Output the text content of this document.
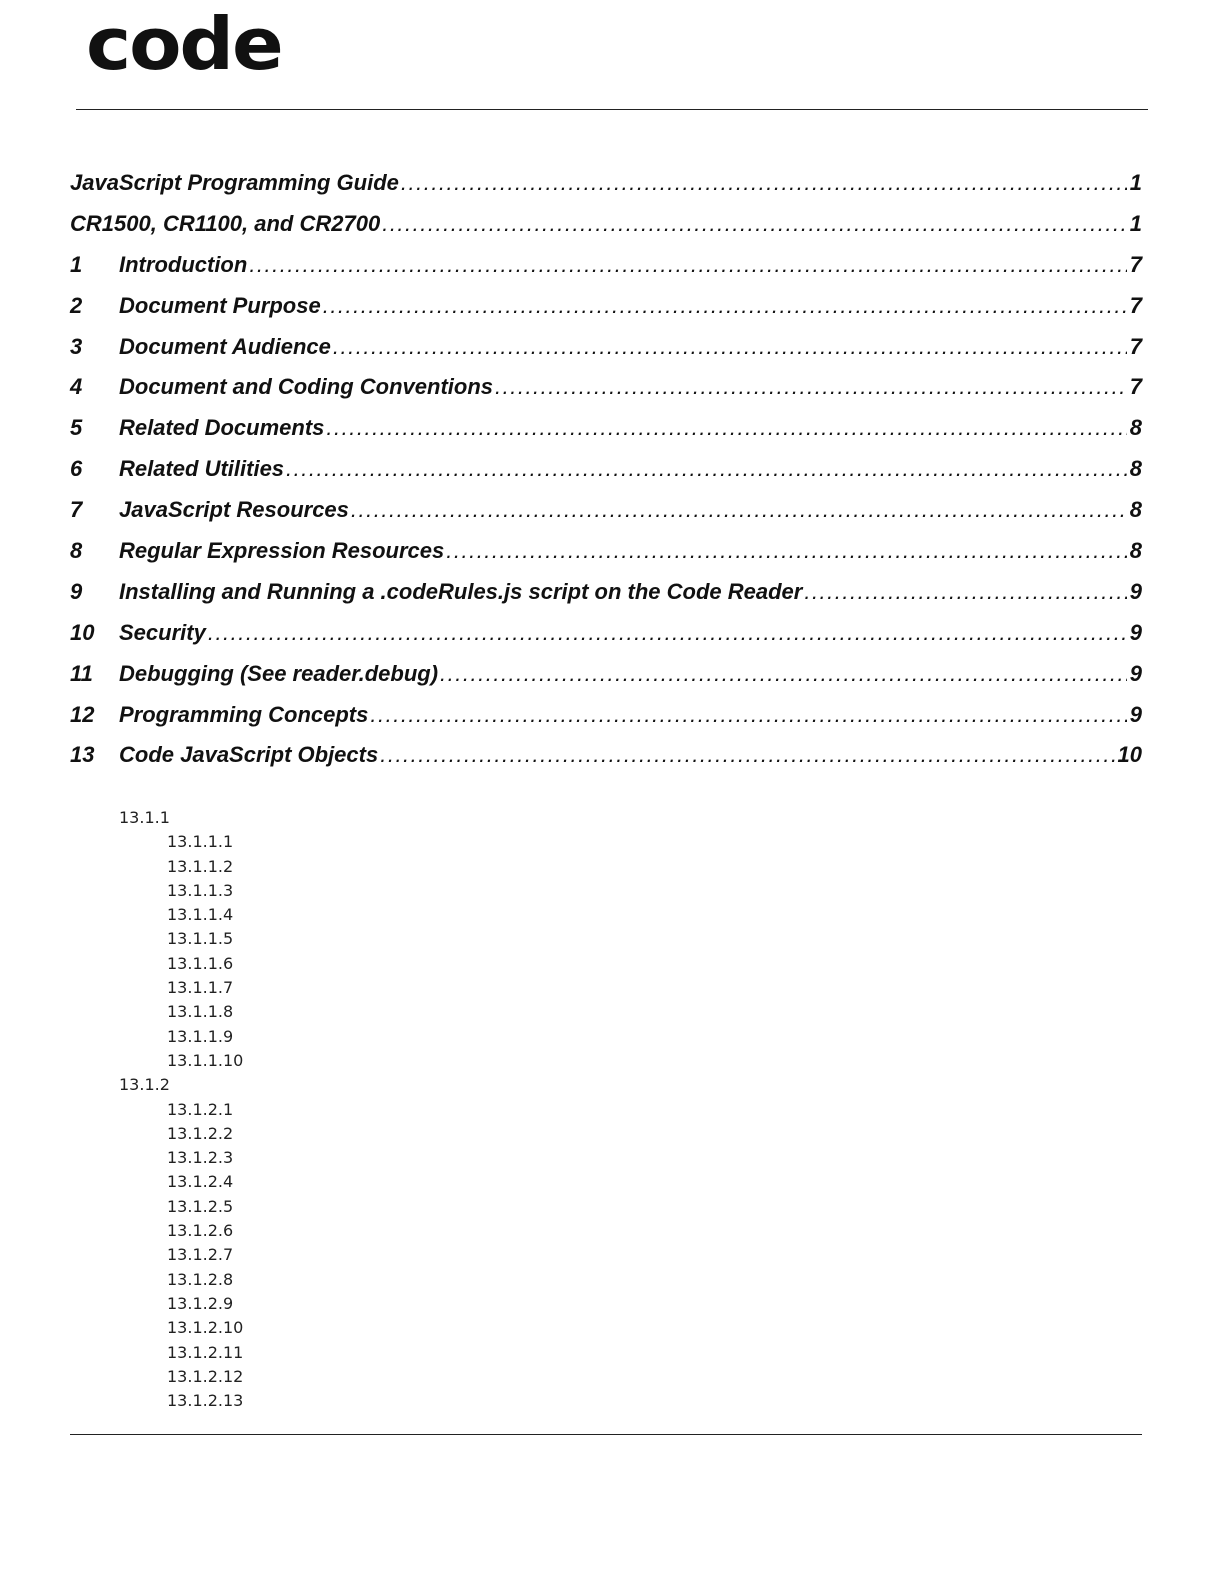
code
JavaScript Programming Guide .....	1
CR1500, CR1100, and CR2700 .....	1
1	Introduction .....	7
2	Document Purpose .....	7
3	Document Audience .....	7
4	Document and Coding Conventions .....	7
5	Related Documents .....	8
6	Related Utilities .....	8
7	JavaScript Resources .....	8
8	Regular Expression Resources .....	8
9	Installing and Running a .codeRules.js script on the Code Reader .....	9
10	Security .....	9
11	Debugging (See reader.debug) .....	9
12	Programming Concepts .....	9
13	Code JavaScript Objects .....	10
13.1.1
13.1.1.1
13.1.1.2
13.1.1.3
13.1.1.4
13.1.1.5
13.1.1.6
13.1.1.7
13.1.1.8
13.1.1.9
13.1.1.10
13.1.2
13.1.2.1
13.1.2.2
13.1.2.3
13.1.2.4
13.1.2.5
13.1.2.6
13.1.2.7
13.1.2.8
13.1.2.9
13.1.2.10
13.1.2.11
13.1.2.12
13.1.2.13
